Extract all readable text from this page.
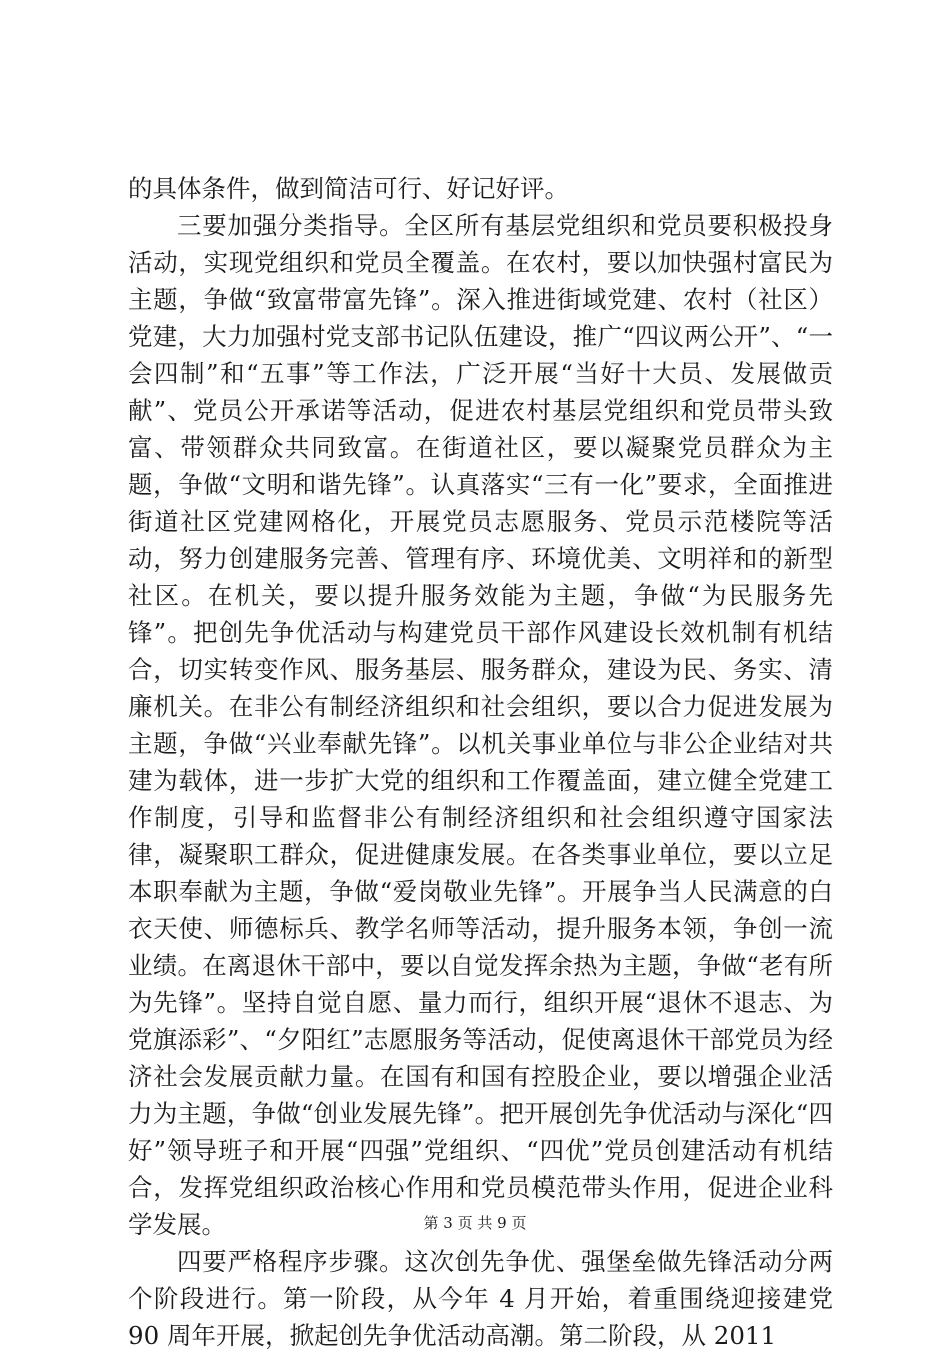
的具体条件，做到简洁可行、好记好评。

三要加强分类指导。全区所有基层党组织和党员要积极投身活动，实现党组织和党员全覆盖。在农村，要以加快强村富民为主题，争做“致富带富先锋”。深入推进街域党建、农村（社区）党建，大力加强村党支部书记队伍建设，推广“四议两公开”、“一会四制”和“五事”等工作法，广泛开展“当好十大员、发展做贡献”、党员公开承诺等活动，促进农村基层党组织和党员带头致富、带领群众共同致富。在街道社区，要以凝聚党员群众为主题，争做“文明和谐先锋”。认真落实“三有一化”要求，全面推进街道社区党建网格化，开展党员志愿服务、党员示范楼院等活动，努力创建服务完善、管理有序、环境优美、文明祥和的新型社区。在机关，要以提升服务效能为主题，争做“为民服务先锋”。把创先争优活动与构建党员干部作风建设长效机制有机结合，切实转变作风、服务基层、服务群众，建设为民、务实、清廉机关。在非公有制经济组织和社会组织，要以合力促进发展为主题，争做“兴业奉献先锋”。以机关事业单位与非公企业结对共建为载体，进一步扩大党的组织和工作覆盖面，建立健全党建工作制度，引导和监督非公有制经济组织和社会组织遵守国家法律，凝聚职工群众，促进健康发展。在各类事业单位，要以立足本职奉献为主题，争做“爱岗敬业先锋”。开展争当人民满意的白衣天使、师德标兵、教学名师等活动，提升服务本领，争创一流业绩。在离退休干部中，要以自觉发挥余热为主题，争做“老有所为先锋”。坚持自觉自愿、量力而行，组织开展“退休不退志、为党旗添彩”、“夕阳红”志愿服务等活动，促使离退休干部党员为经济社会发展贡献力量。在国有和国有控股企业，要以增强企业活力为主题，争做“创业发展先锋”。把开展创先争优活动与深化“四好”领导班子和开展“四强”党组织、“四优”党员创建活动有机结合，发挥党组织政治核心作用和党员模范带头作用，促进企业科学发展。

四要严格程序步骤。这次创先争优、强堡垒做先锋活动分两个阶段进行。第一阶段，从今年 4 月开始，着重围绕迎接建党 90 周年开展，掀起创先争优活动高潮。第二阶段，从 2011

第 3 页 共 9 页
